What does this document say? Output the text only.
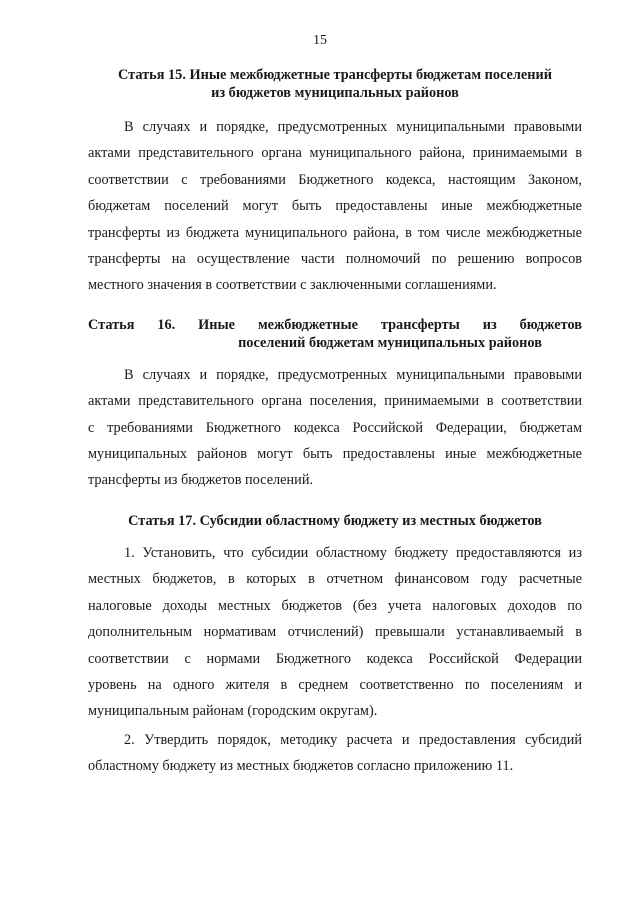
15
Статья 15. Иные межбюджетные трансферты бюджетам поселений
из бюджетов муниципальных районов
В случаях и порядке, предусмотренных муниципальными правовыми
актами представительного органа муниципального района, принимаемыми в
соответствии с требованиями Бюджетного кодекса, настоящим Законом,
бюджетам поселений могут быть предоставлены иные межбюджетные
трансферты из бюджета муниципального района, в том числе межбюджетные
трансферты на осуществление части полномочий по решению вопросов
местного значения в соответствии с заключенными соглашениями.
Статья 16. Иные межбюджетные трансферты из бюджетов
поселений бюджетам муниципальных районов
В случаях и порядке, предусмотренных муниципальными правовыми
актами представительного органа поселения, принимаемыми в соответствии
с требованиями Бюджетного кодекса Российской Федерации, бюджетам
муниципальных районов могут быть предоставлены иные межбюджетные
трансферты из бюджетов поселений.
Статья 17. Субсидии областному бюджету из местных бюджетов
1. Установить, что субсидии областному бюджету предоставляются из
местных бюджетов, в которых в отчетном финансовом году расчетные
налоговые доходы местных бюджетов (без учета налоговых доходов по
дополнительным нормативам отчислений) превышали устанавливаемый в
соответствии с нормами Бюджетного кодекса Российской Федерации
уровень на одного жителя в среднем соответственно по поселениям и
муниципальным районам (городским округам).
2. Утвердить порядок, методику расчета и предоставления субсидий
областному бюджету из местных бюджетов согласно приложению 11.
